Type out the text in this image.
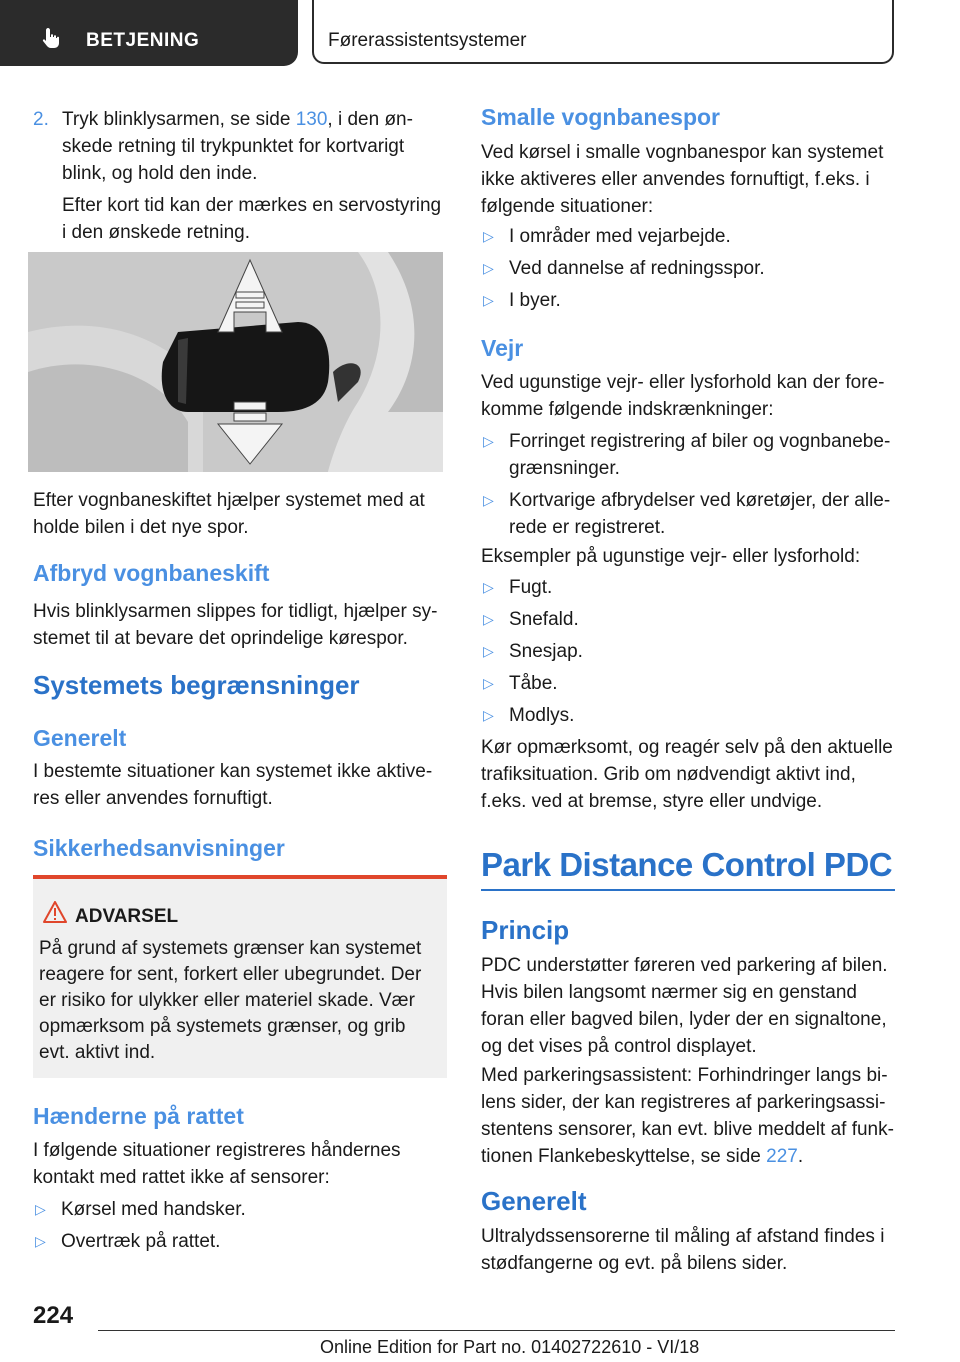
BETJENING	Førerassistentsystemer
2. Tryk blinklysarmen, se side 130, i den øn-

skede retning til trykpunktet for kortvarigt

blink, og hold den inde.

Efter kort tid kan der mærkes en servostyring

i den ønskede retning.

Efter vognbaneskiftet hjælper systemet med at

holde bilen i det nye spor.

Afbryd vognbaneskift

Hvis blinklysarmen slippes for tidligt, hjælper sy-

stemet til at bevare det oprindelige kørespor.

Systemets begrænsninger

Generelt

I bestemte situationer kan systemet ikke aktive-

res eller anvendes fornuftigt.

Sikkerhedsanvisninger

ADVARSEL
På grund af systemets grænser kan systemet
reagere for sent, forkert eller ubegrundet. Der
er risiko for ulykker eller materiel skade. Vær
opmærksom på systemets grænser, og grib
evt. aktivt ind.

Hænderne på rattet

I følgende situationer registreres håndernes

kontakt med rattet ikke af sensorer:

▷ Kørsel med handsker.
▷ Overtræk på rattet.

Smalle vognbanespor

Ved kørsel i smalle vognbanespor kan systemet

ikke aktiveres eller anvendes fornuftigt, f.eks. i

følgende situationer:

▷ I områder med vejarbejde.
▷ Ved dannelse af redningsspor.
▷ I byer.

Vejr

Ved ugunstige vejr- eller lysforhold kan der fore-

komme følgende indskrænkninger:

▷ Forringet registrering af biler og vognbanebe-
grænsninger.
▷ Kortvarige afbrydelser ved køretøjer, der alle-
rede er registreret.

Eksempler på ugunstige vejr- eller lysforhold:

▷ Fugt.
▷ Snefald.
▷ Snesjap.
▷ Tåbe.
▷ Modlys.

Kør opmærksomt, og reagér selv på den aktuelle

trafiksituation. Grib om nødvendigt aktivt ind,

f.eks. ved at bremse, styre eller undvige.

Park Distance Control PDC

Princip

PDC understøtter føreren ved parkering af bilen.

Hvis bilen langsomt nærmer sig en genstand

foran eller bagved bilen, lyder der en signaltone,

og det vises på control displayet.

Med parkeringsassistent: Forhindringer langs bi-

lens sider, der kan registreres af parkeringsassi-

stentens sensorer, kan evt. blive meddelt af funk-

tionen Flankebeskyttelse, se side 227.

Generelt

Ultralydssensorerne til måling af afstand findes i

stødfangerne og evt. på bilens sider.

224
Online Edition for Part no. 01402722610 - VI/18
